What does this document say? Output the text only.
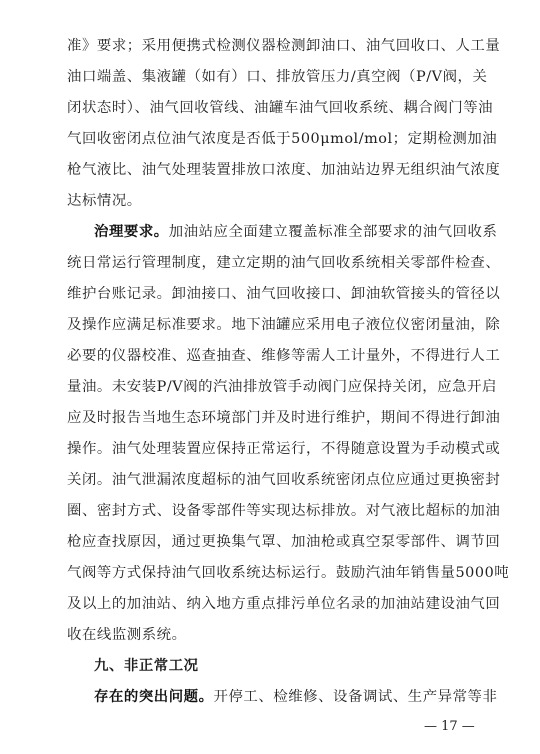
准》要求；采用便携式检测仪器检测卸油口、油气回收口、人工量
油口端盖、集液罐（如有）口、排放管压力/真空阀（P/V阀，关
闭状态时）、油气回收管线、油罐车油气回收系统、耦合阀门等油
气回收密闭点位油气浓度是否低于500μmol/mol；定期检测加油
枪气液比、油气处理装置排放口浓度、加油站边界无组织油气浓度
达标情况。
治理要求。加油站应全面建立覆盖标准全部要求的油气回收系
统日常运行管理制度，建立定期的油气回收系统相关零部件检查、
维护台账记录。卸油接口、油气回收接口、卸油软管接头的管径以
及操作应满足标准要求。地下油罐应采用电子液位仪密闭量油，除
必要的仪器校准、巡查抽查、维修等需人工计量外，不得进行人工
量油。未安装P/V阀的汽油排放管手动阀门应保持关闭，应急开启
应及时报告当地生态环境部门并及时进行维护，期间不得进行卸油
操作。油气处理装置应保持正常运行，不得随意设置为手动模式或
关闭。油气泄漏浓度超标的油气回收系统密闭点位应通过更换密封
圈、密封方式、设备零部件等实现达标排放。对气液比超标的加油
枪应查找原因，通过更换集气罩、加油枪或真空泵零部件、调节回
气阀等方式保持油气回收系统达标运行。鼓励汽油年销售量5000吨
及以上的加油站、纳入地方重点排污单位名录的加油站建设油气回
收在线监测系统。
九、非正常工况
存在的突出问题。开停工、检维修、设备调试、生产异常等非
— 17 —
